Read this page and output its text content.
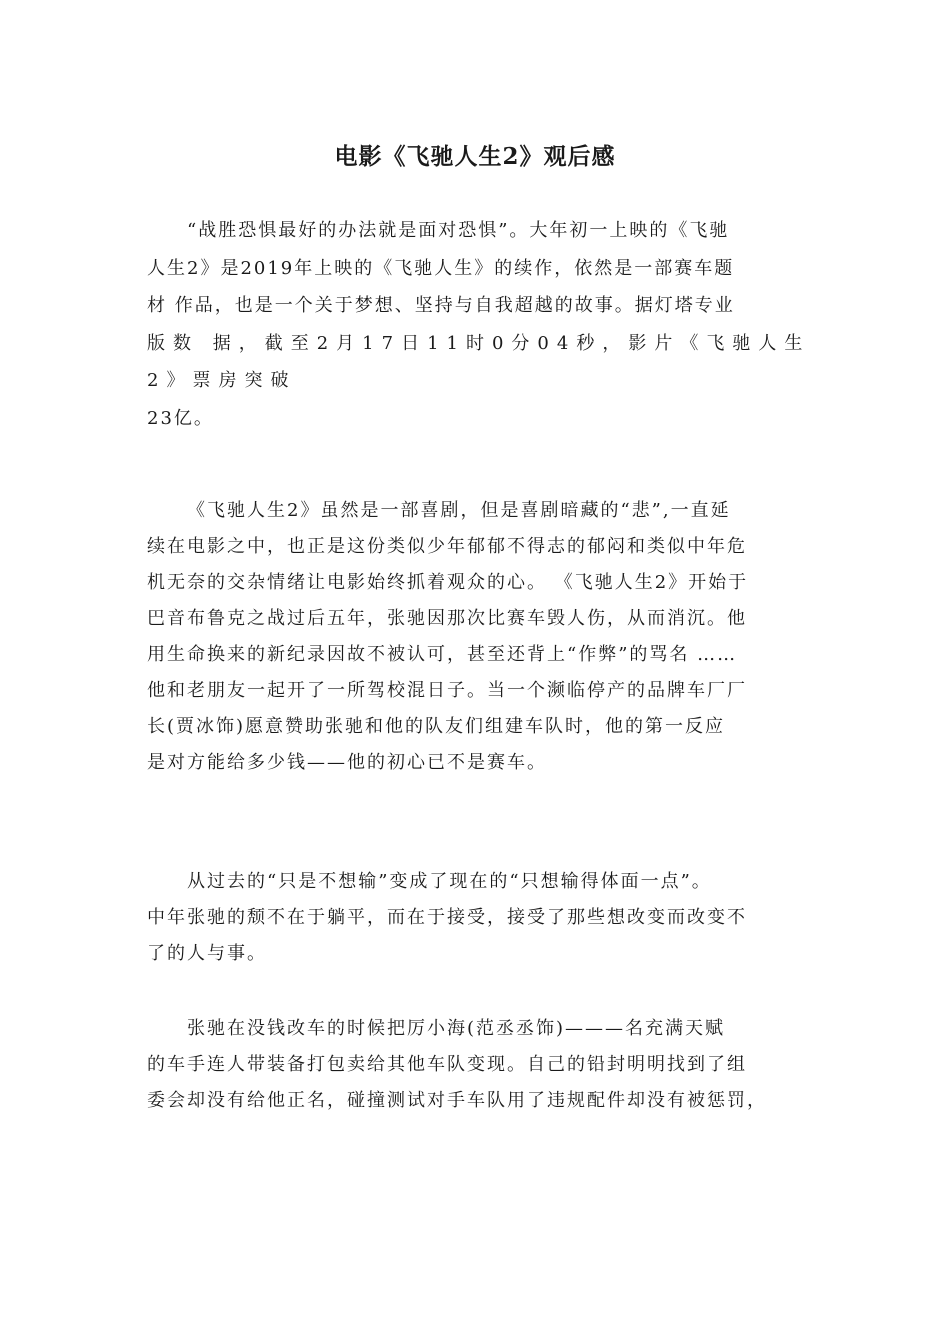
电影《飞驰人生2》观后感
“战胜恐惧最好的办法就是面对恐惧”。大年初一上映的《飞驰
人生2》是2019年上映的《飞驰人生》的续作，依然是一部赛车题
材 作品，也是一个关于梦想、坚持与自我超越的故事。据灯塔专业
版数 据，截至2月17日11时0分04秒，影片《飞驰人生
2》票房突破
23亿。
《飞驰人生2》虽然是一部喜剧，但是喜剧暗藏的“悲”,一直延
续在电影之中，也正是这份类似少年郁郁不得志的郁闷和类似中年危
机无奈的交杂情绪让电影始终抓着观众的心。 《飞驰人生2》开始于
巴音布鲁克之战过后五年，张驰因那次比赛车毁人伤，从而消沉。他
用生命换来的新纪录因故不被认可，甚至还背上“作弊”的骂名 ……
他和老朋友一起开了一所驾校混日子。当一个濒临停产的品牌车厂厂
长(贾冰饰)愿意赞助张驰和他的队友们组建车队时，他的第一反应
是对方能给多少钱——他的初心已不是赛车。
从过去的“只是不想输”变成了现在的“只想输得体面一点”。
中年张驰的颓不在于躺平，而在于接受，接受了那些想改变而改变不
了的人与事。
张驰在没钱改车的时候把厉小海(范丞丞饰)———名充满天赋
的车手连人带装备打包卖给其他车队变现。自己的铅封明明找到了组
委会却没有给他正名，碰撞测试对手车队用了违规配件却没有被惩罚，
